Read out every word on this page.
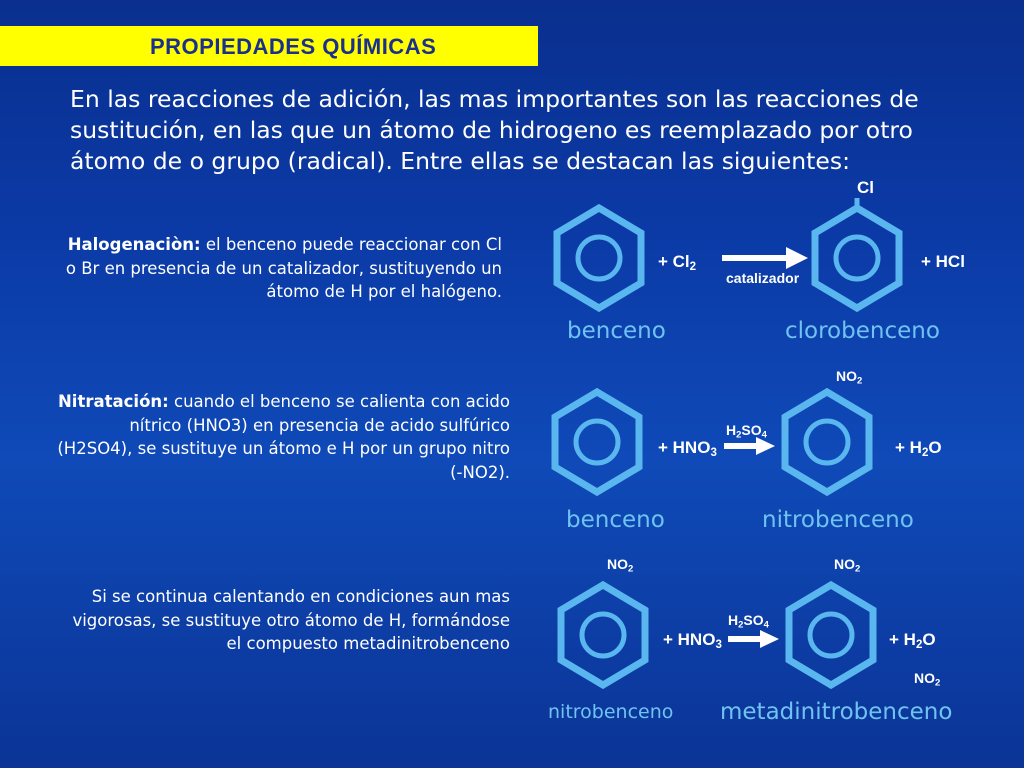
PROPIEDADES QUÍMICAS

En las reacciones de adición, las mas importantes son las reacciones de sustitución, en las que un átomo de hidrogeno es reemplazado por otro átomo de o grupo (radical). Entre ellas se destacan las siguientes:

Halogenaciòn: el benceno puede reaccionar con Cl o Br en presencia de un catalizador, sustituyendo un átomo de H por el halógeno.

Nitratación: cuando el benceno se calienta con acido nítrico (HNO3) en presencia de acido sulfúrico (H2SO4), se sustituye un átomo e H por un grupo nitro (-NO2).

Si se continua calentando en condiciones aun mas vigorosas, se sustituye otro átomo de H, formándose el compuesto metadinitrobenceno

+ $Cl_2$
catalizador
Cl
+ HCl
benceno	clorobenceno
+ $HNO_3$
$H_2SO_4$
$NO_2$
+ $H_2O$
benceno	nitrobenceno
$NO_2$
+ $HNO_3$
$H_2SO_4$
$NO_2$
+ $H_2O$
$NO_2$
nitrobenceno metadinitrobenceno
